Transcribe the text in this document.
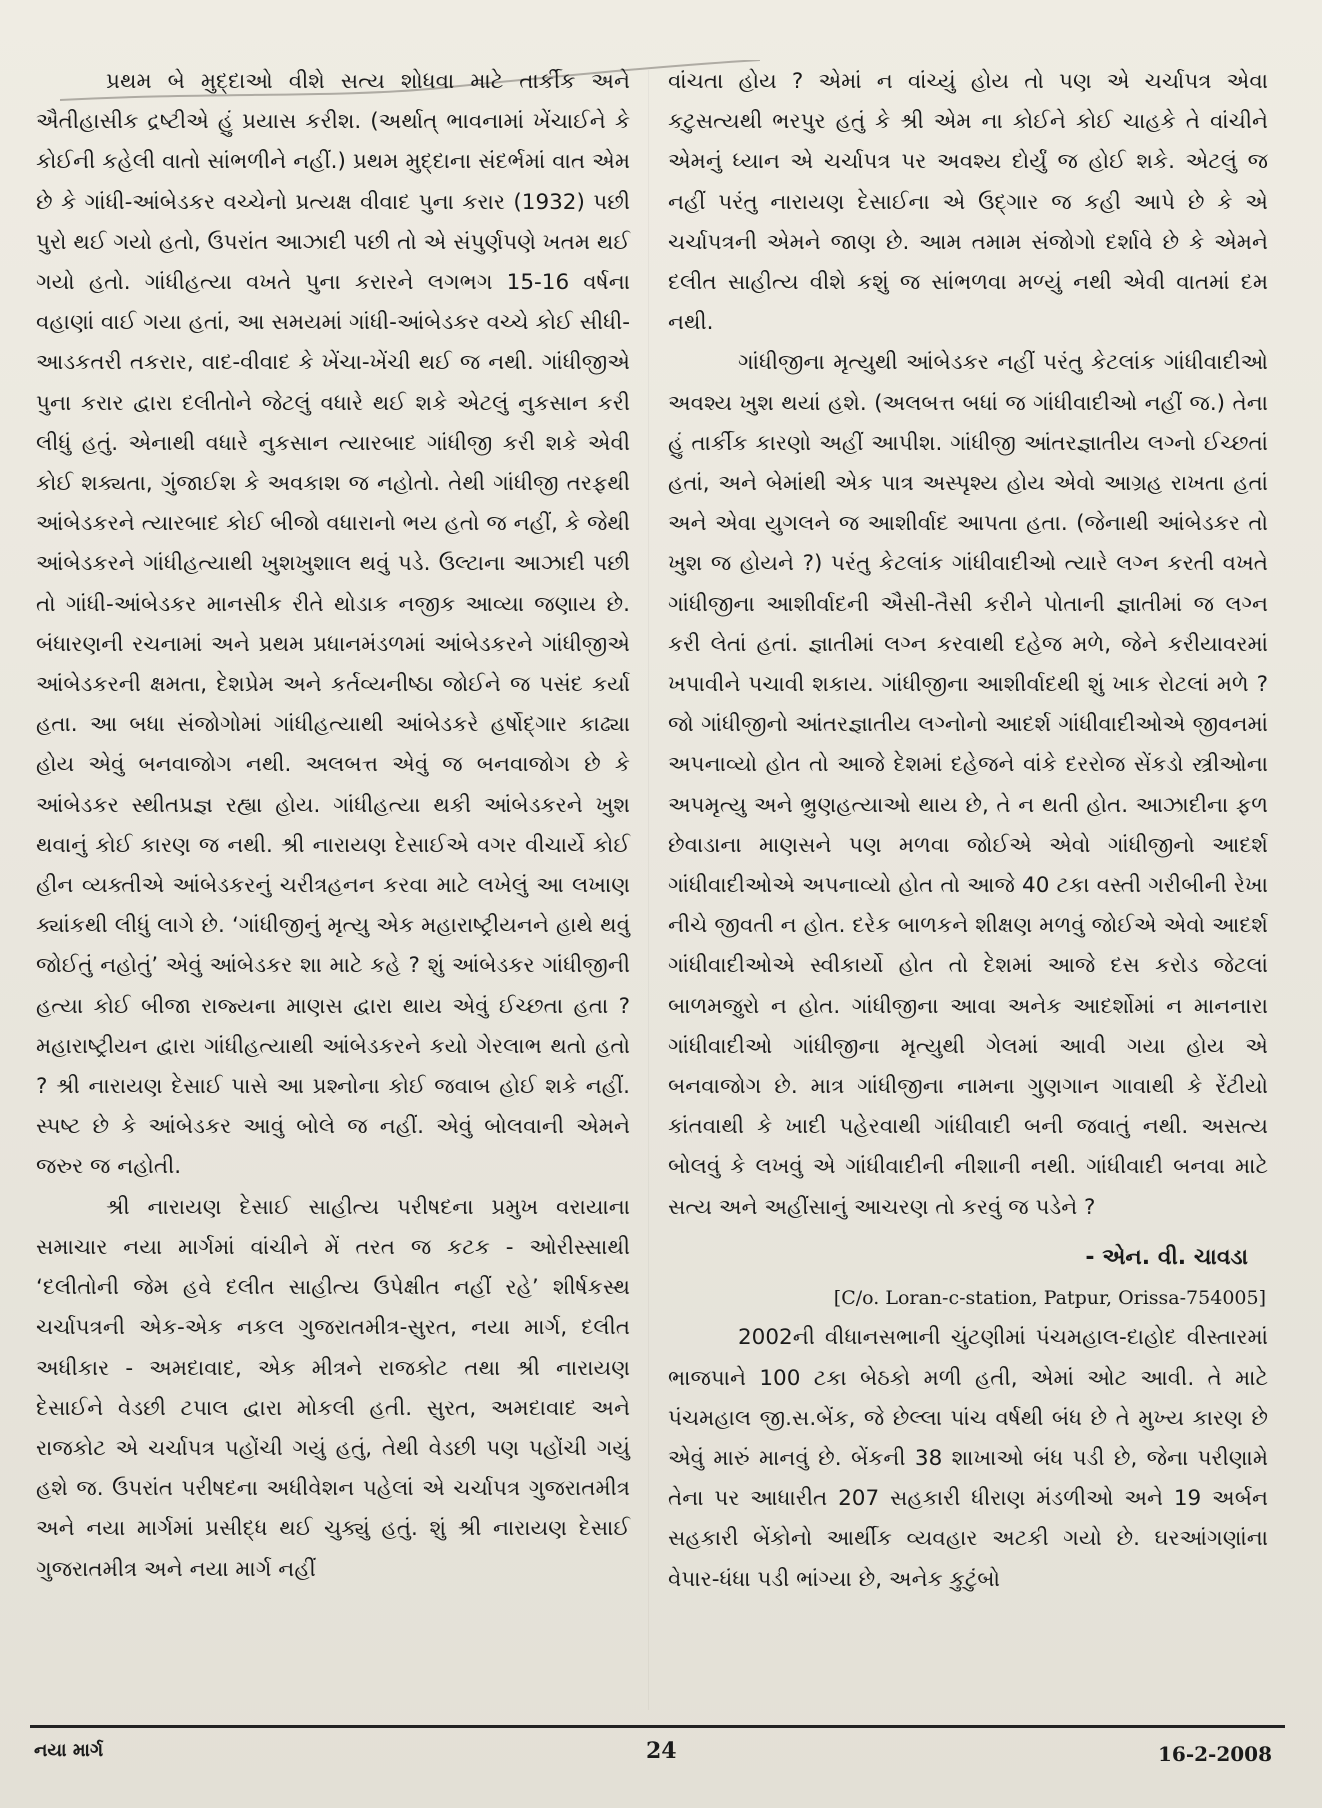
પ્રથમ બે મુદ્દાઓ વીશે સત્ય શોધવા માટે તાર્કીક અને ઐતીહાસીક દ્રષ્ટીએ હું પ્રયાસ કરીશ. (અર્થાત્ ભાવનામાં ખેંચાઈને કે કોઈની કહેલી વાતો સાંભળીને નહીં.) પ્રથમ મુદ્દાના સંદર્ભમાં વાત એમ છે કે ગાંધી-આંબેડકર વચ્ચેનો પ્રત્યક્ષ વીવાદ પુના કરાર (1932) પછી પુરો થઈ ગયો હતો, ઉપરાંત આઝાદી પછી તો એ સંપુર્ણપણે ખતમ થઈ ગયો હતો. ગાંધીહત્યા વખતે પુના કરારને લગભગ 15-16 વર્ષના વહાણાં વાઈ ગયા હતાં, આ સમયમાં ગાંધી-આંબેડકર વચ્ચે કોઈ સીધી-આડકતરી તકરાર, વાદ-વીવાદ કે ખેંચા-ખેંચી થઈ જ નથી. ગાંધીજીએ પુના કરાર દ્વારા દલીતોને જેટલું વધારે થઈ શકે એટલું નુકસાન કરી લીધું હતું. એનાથી વધારે નુકસાન ત્યારબાદ ગાંધીજી કરી શકે એવી કોઈ શક્યતા, ગુંજાઈશ કે અવકાશ જ નહોતો. તેથી ગાંધીજી તરફથી આંબેડકરને ત્યારબાદ કોઈ બીજો વધારાનો ભય હતો જ નહીં, કે જેથી આંબેડકરને ગાંધીહત્યાથી ખુશખુશાલ થવું પડે. ઉલ્ટાના આઝાદી પછી તો ગાંધી-આંબેડકર માનસીક રીતે થોડાક નજીક આવ્યા જણાય છે. બંધારણની રચનામાં અને પ્રથમ પ્રધાનમંડળમાં આંબેડકરને ગાંધીજીએ આંબેડકરની ક્ષમતા, દેશપ્રેમ અને કર્તવ્યનીષ્ઠા જોઈને જ પસંદ કર્યા હતા. આ બધા સંજોગોમાં ગાંધીહત્યાથી આંબેડકરે હર્ષોદ્ગાર કાઢ્યા હોય એવું બનવાજોગ નથી. અલબત્ત એવું જ બનવાજોગ છે કે આંબેડકર સ્થીતપ્રજ્ઞ રહ્યા હોય. ગાંધીહત્યા થકી આંબેડકરને ખુશ થવાનું કોઈ કારણ જ નથી. શ્રી નારાયણ દેસાઈએ વગર વીચાર્યે કોઈ હીન વ્યક્તીએ આંબેડકરનું ચરીત્રહનન કરવા માટે લખેલું આ લખાણ ક્યાંકથી લીધું લાગે છે. ‘ગાંધીજીનું મૃત્યુ એક મહારાષ્ટ્રીયનને હાથે થવું જોઈતું નહોતું’ એવું આંબેડકર શા માટે કહે ? શું આંબેડકર ગાંધીજીની હત્યા કોઈ બીજા રાજ્યના માણસ દ્વારા થાય એવું ઈચ્છતા હતા ? મહારાષ્ટ્રીયન દ્વારા ગાંધીહત્યાથી આંબેડકરને કયો ગેરલાભ થતો હતો ? શ્રી નારાયણ દેસાઈ પાસે આ પ્રશ્નોના કોઈ જવાબ હોઈ શકે નહીં. સ્પષ્ટ છે કે આંબેડકર આવું બોલે જ નહીં. એવું બોલવાની એમને જરુર જ નહોતી.

શ્રી નારાયણ દેસાઈ સાહીત્ય પરીષદના પ્રમુખ વરાયાના સમાચાર નયા માર્ગમાં વાંચીને મેં તરત જ કટક - ઓરીસ્સાથી ‘દલીતોની જેમ હવે દલીત સાહીત્ય ઉપેક્ષીત નહીં રહે’ શીર્ષકસ્થ ચર્ચાપત્રની એક-એક નકલ ગુજરાતમીત્ર-સુરત, નયા માર્ગ, દલીત અધીકાર - અમદાવાદ, એક મીત્રને રાજકોટ તથા શ્રી નારાયણ દેસાઈને વેડછી ટપાલ દ્વારા મોકલી હતી. સુરત, અમદાવાદ અને રાજકોટ એ ચર્ચાપત્ર પહોંચી ગયું હતું, તેથી વેડછી પણ પહોંચી ગયું હશે જ. ઉપરાંત પરીષદના અધીવેશન પહેલાં એ ચર્ચાપત્ર ગુજરાતમીત્ર અને નયા માર્ગમાં પ્રસીદ્ધ થઈ ચુક્યું હતું. શું શ્રી નારાયણ દેસાઈ ગુજરાતમીત્ર અને નયા માર્ગ નહીં

વાંચતા હોય ? એમાં ન વાંચ્યું હોય તો પણ એ ચર્ચાપત્ર એવા કટુસત્યથી ભરપુર હતું કે શ્રી એમ ના કોઈને કોઈ ચાહકે તે વાંચીને એમનું ધ્યાન એ ચર્ચાપત્ર પર અવશ્ય દોર્યું જ હોઈ શકે. એટલું જ નહીં પરંતુ નારાયણ દેસાઈના એ ઉદ્ગાર જ કહી આપે છે કે એ ચર્ચાપત્રની એમને જાણ છે. આમ તમામ સંજોગો દર્શાવે છે કે એમને દલીત સાહીત્ય વીશે કશું જ સાંભળવા મળ્યું નથી એવી વાતમાં દમ નથી.

ગાંધીજીના મૃત્યુથી આંબેડકર નહીં પરંતુ કેટલાંક ગાંધીવાદીઓ અવશ્ય ખુશ થયાં હશે. (અલબત્ત બધાં જ ગાંધીવાદીઓ નહીં જ.) તેના હું તાર્કીક કારણો અહીં આપીશ. ગાંધીજી આંતરજ્ઞાતીય લગ્નો ઈચ્છતાં હતાં, અને બેમાંથી એક પાત્ર અસ્પૃશ્ય હોય એવો આગ્રહ રાખતા હતાં અને એવા યુગલને જ આશીર્વાદ આપતા હતા. (જેનાથી આંબેડકર તો ખુશ જ હોયને ?) પરંતુ કેટલાંક ગાંધીવાદીઓ ત્યારે લગ્ન કરતી વખતે ગાંધીજીના આશીર્વાદની ઐસી-તૈસી કરીને પોતાની જ્ઞાતીમાં જ લગ્ન કરી લેતાં હતાં. જ્ઞાતીમાં લગ્ન કરવાથી દહેજ મળે, જેને કરીયાવરમાં ખપાવીને પચાવી શકાય. ગાંધીજીના આશીર્વાદથી શું ખાક રોટલાં મળે ? જો ગાંધીજીનો આંતરજ્ઞાતીય લગ્નોનો આદર્શ ગાંધીવાદીઓએ જીવનમાં અપનાવ્યો હોત તો આજે દેશમાં દહેજને વાંકે દરરોજ સેંકડો સ્ત્રીઓના અપમૃત્યુ અને ભ્રુણહત્યાઓ થાય છે, તે ન થતી હોત. આઝાદીના ફળ છેવાડાના માણસને પણ મળવા જોઈએ એવો ગાંધીજીનો આદર્શ ગાંધીવાદીઓએ અપનાવ્યો હોત તો આજે 40 ટકા વસ્તી ગરીબીની રેખા નીચે જીવતી ન હોત. દરેક બાળકને શીક્ષણ મળવું જોઈએ એવો આદર્શ ગાંધીવાદીઓએ સ્વીકાર્યો હોત તો દેશમાં આજે દસ કરોડ જેટલાં બાળમજુરો ન હોત. ગાંધીજીના આવા અનેક આદર્શોમાં ન માનનારા ગાંધીવાદીઓ ગાંધીજીના મૃત્યુથી ગેલમાં આવી ગયા હોય એ બનવાજોગ છે. માત્ર ગાંધીજીના નામના ગુણગાન ગાવાથી કે રેંટીયો કાંતવાથી કે ખાદી પહેરવાથી ગાંધીવાદી બની જવાતું નથી. અસત્ય બોલવું કે લખવું એ ગાંધીવાદીની નીશાની નથી. ગાંધીવાદી બનવા માટે સત્ય અને અહીંસાનું આચરણ તો કરવું જ પડેને ?

- એન. વી. ચાવડા
[C/o. Loran-c-station, Patpur, Orissa-754005]

2002ની વીધાનસભાની ચુંટણીમાં પંચમહાલ-દાહોદ વીસ્તારમાં ભાજપાને 100 ટકા બેઠકો મળી હતી, એમાં ઓટ આવી. તે માટે પંચમહાલ જી.સ.બેંક, જે છેલ્લા પાંચ વર્ષથી બંધ છે તે મુખ્ય કારણ છે એવું મારું માનવું છે. બેંકની 38 શાખાઓ બંધ પડી છે, જેના પરીણામે તેના પર આધારીત 207 સહકારી ધીરાણ મંડળીઓ અને 19 અર્બન સહકારી બેંકોનો આર્થીક વ્યવહાર અટકી ગયો છે. ઘરઆંગણાંના વેપાર-ધંધા પડી ભાંગ્યા છે, અનેક કુટુંબો

નયા માર્ગ	24	16-2-2008
